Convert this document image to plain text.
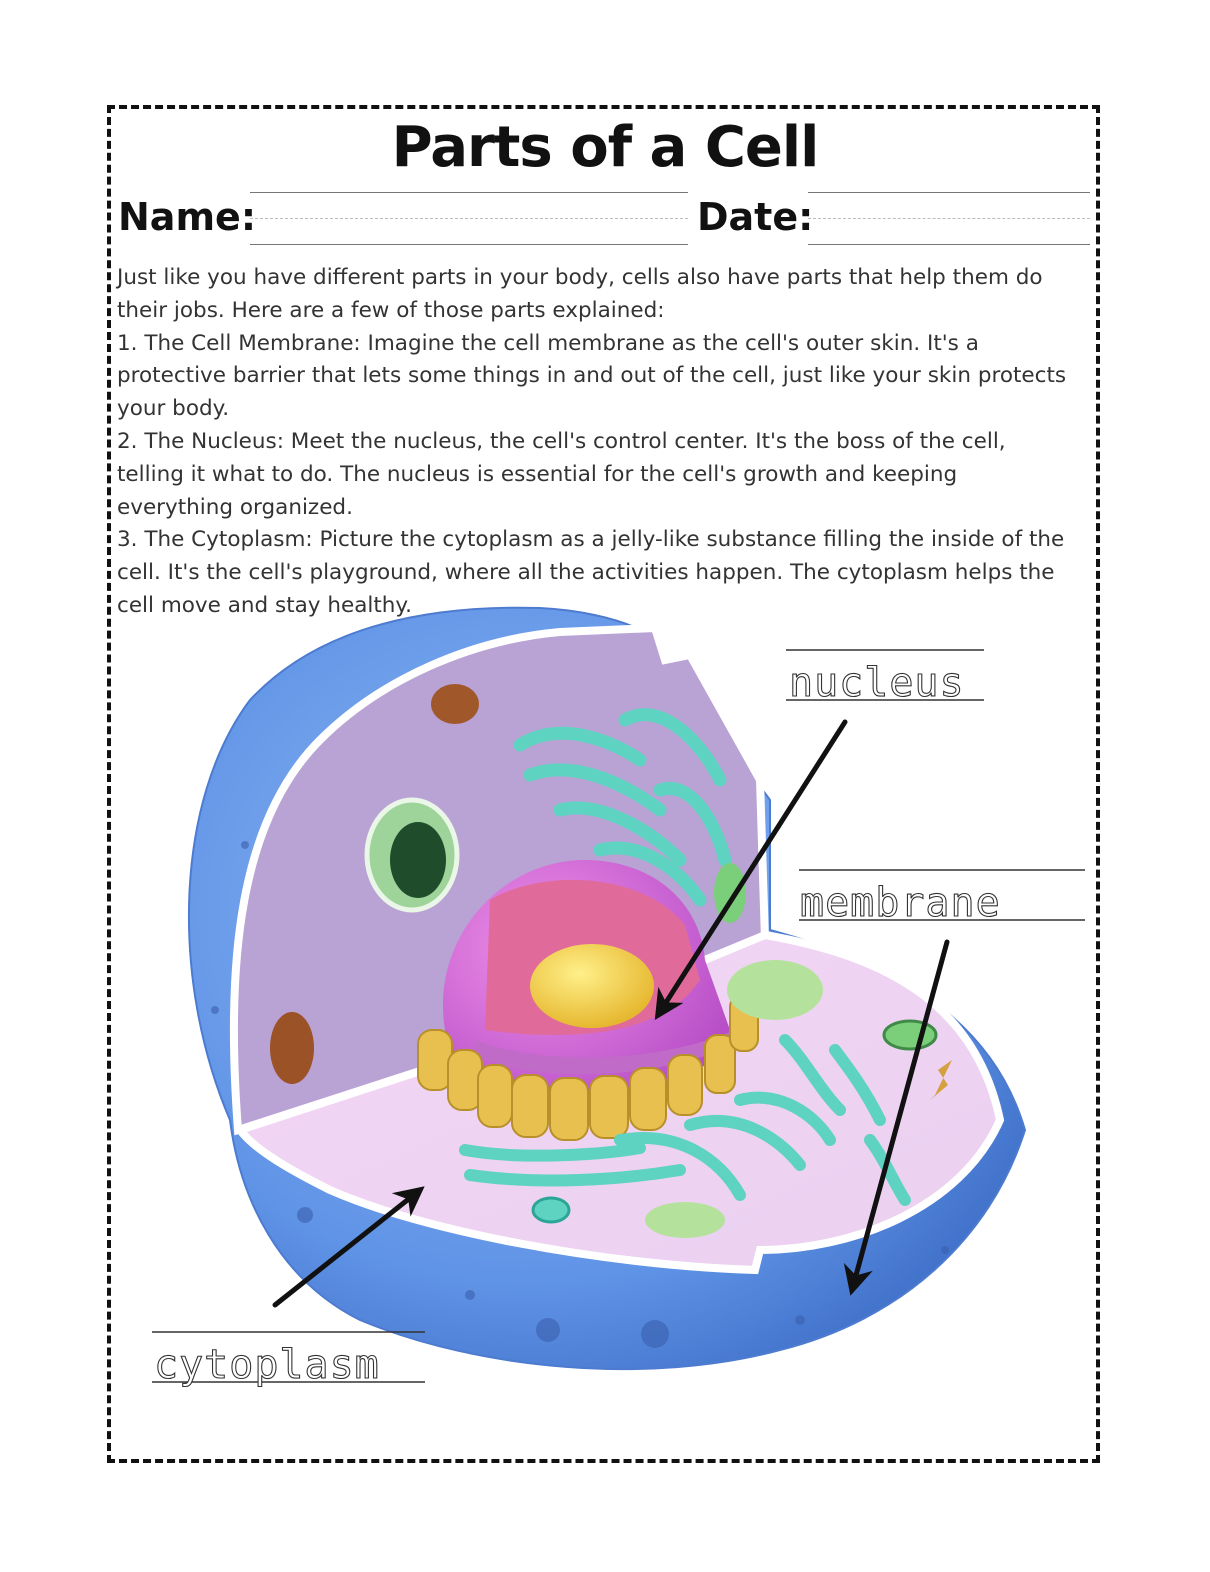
Parts of a Cell
Name:	Date:

Just like you have different parts in your body, cells also have parts that help them do their jobs. Here are a few of those parts explained:

1. The Cell Membrane: Imagine the cell membrane as the cell's outer skin. It's a protective barrier that lets some things in and out of the cell, just like your skin protects your body.

2. The Nucleus: Meet the nucleus, the cell's control center. It's the boss of the cell, telling it what to do. The nucleus is essential for the cell's growth and keeping everything organized.

3. The Cytoplasm: Picture the cytoplasm as a jelly-like substance filling the inside of the cell. It's the cell's playground, where all the activities happen. The cytoplasm helps the cell move and stay healthy.

nucleus
membrane
cytoplasm
